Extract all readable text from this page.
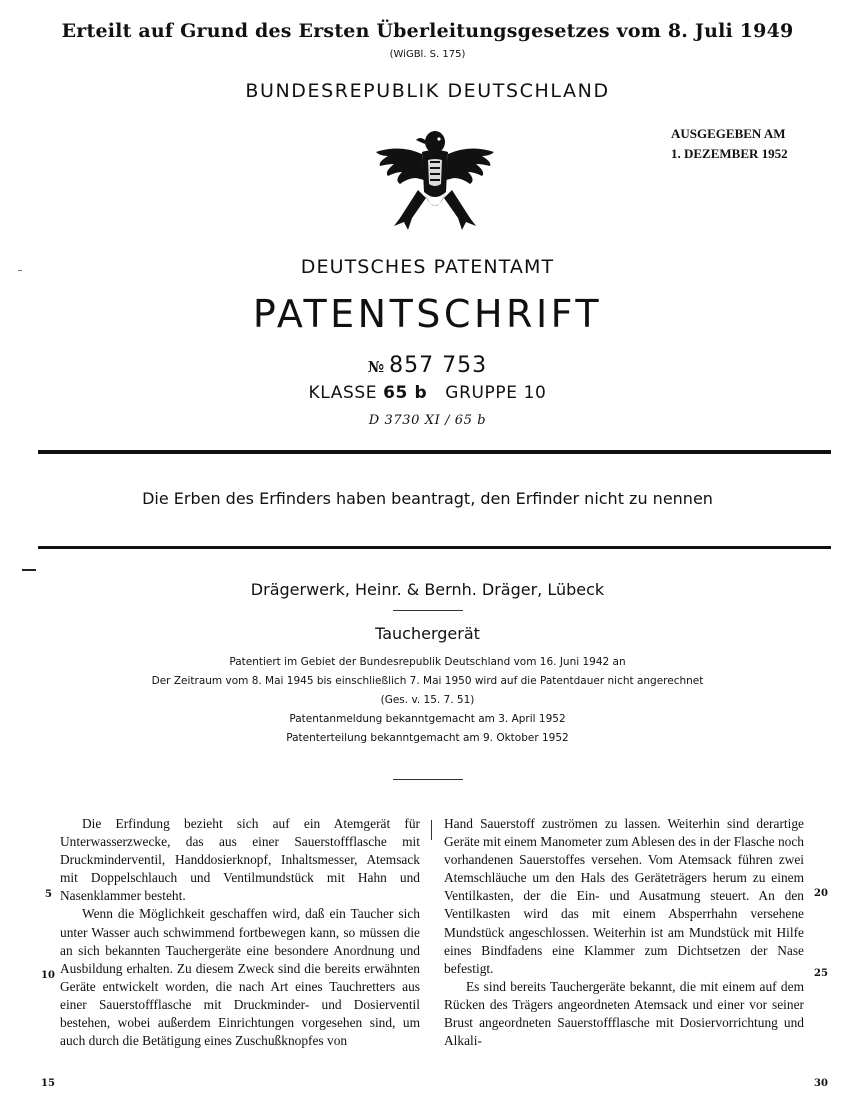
Erteilt auf Grund des Ersten Überleitungsgesetzes vom 8. Juli 1949
(WiGBl. S. 175)
BUNDESREPUBLIK DEUTSCHLAND
AUSGEGEBEN AM
1. DEZEMBER 1952
DEUTSCHES PATENTAMT
PATENTSCHRIFT
№ 857 753
KLASSE 65 b GRUPPE 10
D 3730 XI / 65 b
Die Erben des Erfinders haben beantragt, den Erfinder nicht zu nennen
Drägerwerk, Heinr. & Bernh. Dräger, Lübeck
Tauchergerät
Patentiert im Gebiet der Bundesrepublik Deutschland vom 16. Juni 1942 an
Der Zeitraum vom 8. Mai 1945 bis einschließlich 7. Mai 1950 wird auf die Patentdauer nicht angerechnet
(Ges. v. 15. 7. 51)
Patentanmeldung bekanntgemacht am 3. April 1952
Patenterteilung bekanntgemacht am 9. Oktober 1952

Die Erfindung bezieht sich auf ein Atemgerät für Unterwasserzwecke, das aus einer Sauerstoffflasche mit Druckminderventil, Handdosierknopf, Inhaltsmesser, Atemsack mit Doppelschlauch und Ventilmundstück mit Hahn und Nasenklammer besteht.

Wenn die Möglichkeit geschaffen wird, daß ein Taucher sich unter Wasser auch schwimmend fortbewegen kann, so müssen die an sich bekannten Tauchergeräte eine besondere Anordnung und Ausbildung erhalten. Zu diesem Zweck sind die bereits erwähnten Geräte entwickelt worden, die nach Art eines Tauchretters aus einer Sauerstoffflasche mit Druckminder- und Dosierventil bestehen, wobei außerdem Einrichtungen vorgesehen sind, um auch durch die Betätigung eines Zuschußknopfes von

Hand Sauerstoff zuströmen zu lassen. Weiterhin sind derartige Geräte mit einem Manometer zum Ablesen des in der Flasche noch vorhandenen Sauerstoffes versehen. Vom Atemsack führen zwei Atemschläuche um den Hals des Geräteträgers herum zu einem Ventilkasten, der die Ein- und Ausatmung steuert. An den Ventilkasten wird das mit einem Absperrhahn versehene Mundstück angeschlossen. Weiterhin ist am Mundstück mit Hilfe eines Bindfadens eine Klammer zum Dichtsetzen der Nase befestigt.

Es sind bereits Tauchergeräte bekannt, die mit einem auf dem Rücken des Trägers angeordneten Atemsack und einer vor seiner Brust angeordneten Sauerstoffflasche mit Dosiervorrichtung und Alkali-

5
10
15
20
25
30
